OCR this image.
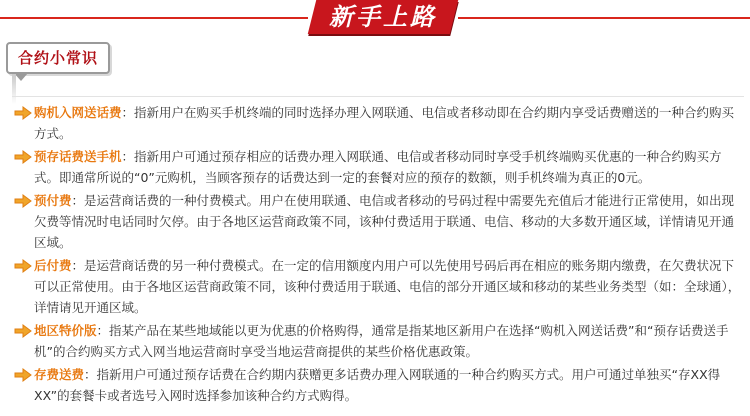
新手上路
合约小常识
购机入网送话费：指新用户在购买手机终端的同时选择办理入网联通、电信或者移动即在合约期内享受话费赠送的一种合约购买方式。
预存话费送手机：指新用户可通过预存相应的话费办理入网联通、电信或者移动同时享受手机终端购买优惠的一种合约购买方式。即通常所说的“0”元购机，当顾客预存的话费达到一定的套餐对应的预存的数额，则手机终端为真正的0元。
预付费：是运营商话费的一种付费模式。用户在使用联通、电信或者移动的号码过程中需要先充值后才能进行正常使用，如出现欠费等情况时电话同时欠停。由于各地区运营商政策不同，该种付费适用于联通、电信、移动的大多数开通区域，详情请见开通区域。
后付费：是运营商话费的另一种付费模式。在一定的信用额度内用户可以先使用号码后再在相应的账务期内缴费，在欠费状况下可以正常使用。由于各地区运营商政策不同，该种付费适用于联通、电信的部分开通区域和移动的某些业务类型（如：全球通），详情请见开通区域。
地区特价版：指某产品在某些地域能以更为优惠的价格购得，通常是指某地区新用户在选择“购机入网送话费”和“预存话费送手机”的合约购买方式入网当地运营商时享受当地运营商提供的某些价格优惠政策。
存费送费：指新用户可通过预存话费在合约期内获赠更多话费办理入网联通的一种合约购买方式。用户可通过单独买“存XX得XX”的套餐卡或者选号入网时选择参加该种合约方式购得。
